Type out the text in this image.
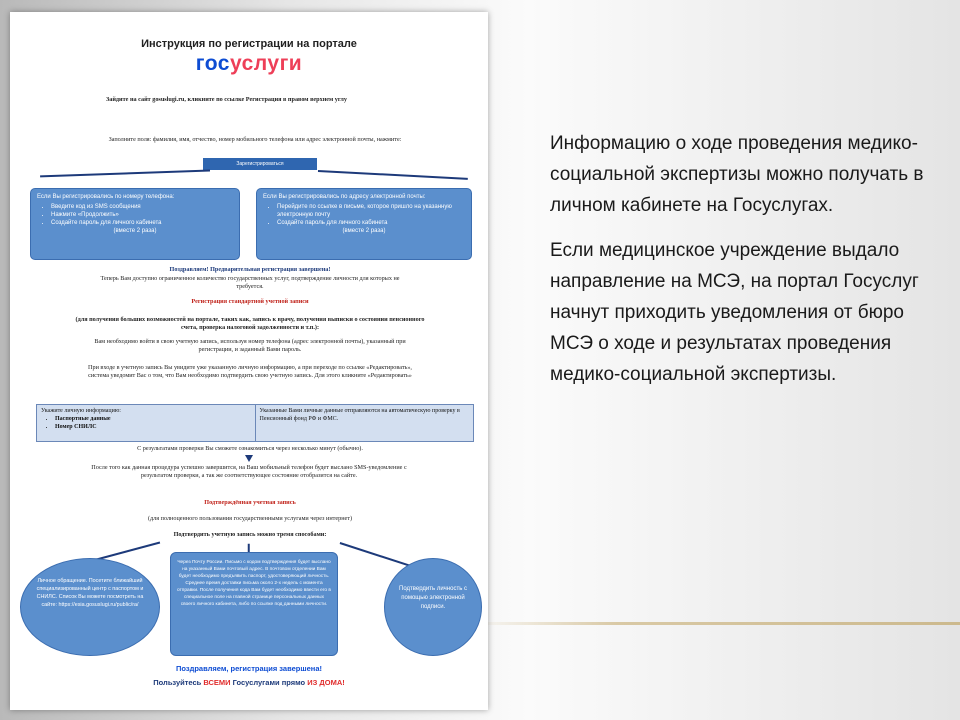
Инструкция по регистрации на портале
госуслуги
Зайдите на сайт gosuslugi.ru, кликните по ссылке Регистрация в правом верхнем углу
Заполните поля: фамилия, имя, отчество, номер мобильного телефона или адрес электронной почты, нажмите:
Зарегистрироваться
Если Вы регистрировались по номеру телефона:
• Введите код из SMS сообщения
• Нажмите «Продолжить»
• Создайте пароль для личного кабинета
(вместе 2 раза)
Если Вы регистрировались по адресу электронной почты:
• Перейдите по ссылке в письме, которое пришло на указанную электронную почту
• Создайте пароль для личного кабинета
(вместе 2 раза)
Поздравляем! Предварительная регистрация завершена!
Теперь Вам доступно ограниченное количество государственных услуг, подтверждение личности для которых не требуется.
Регистрация стандартной учетной записи
(для получения больших возможностей на портале, таких как, запись к врачу, получения выписки о состоянии пенсионного счета, проверка налоговой задолженности и т.п.):
Вам необходимо войти в свою учетную запись, используя номер телефона (адрес электронной почты), указанный при регистрации, и заданный Вами пароль.
При входе в учетную запись Вы увидите уже указанную личную информацию, а при переходе по ссылке «Редактировать», система уведомит Вас о том, что Вам необходимо подтвердить свою учетную запись. Для этого кликните «Редактировать»
Укажите личную информацию:
• Паспортные данные
• Номер СНИЛС
Указанные Вами личные данные отправляются на автоматическую проверку в Пенсионный фонд РФ и ФМС.
С результатами проверки Вы сможете ознакомиться через несколько минут (обычно).
После того как данная процедура успешно завершится, на Ваш мобильный телефон будет выслано SMS-уведомление с результатом проверки, а так же соответствующее состояние отобразится на сайте.
Подтверждённая учетная запись
(для полноценного пользования государственными услугами через интернет)
Подтвердить учетную запись можно тремя способами:
Личное обращение. Посетите ближайший специализированный центр с паспортом и СНИЛС. Список Вы можете посмотреть на сайте: https://esia.gosuslugi.ru/public/ra/
Через Почту России. Письмо с кодом подтверждения будет выслано на указанный Вами почтовый адрес. В почтовом отделении Вам будет необходимо предъявить паспорт, удостоверяющий личность. Среднее время доставки письма около 2-х недель с момента отправки. После получения кода Вам будет необходимо ввести его в специальное поле на главной странице персональных данных своего личного кабинета, либо по ссылке под данными личности.
Подтвердить личность с помощью электронной подписи.
Поздравляем, регистрация завершена!
Пользуйтесь ВСЕМИ Госуслугами прямо ИЗ ДОМА!

Информацию о ходе проведения медико-социальной экспертизы можно получать в личном кабинете на Госуслугах.

Если медицинское учреждение выдало направление на МСЭ, на портал Госуслуг начнут приходить уведомления от бюро МСЭ о ходе и результатах проведения медико-социальной экспертизы.
